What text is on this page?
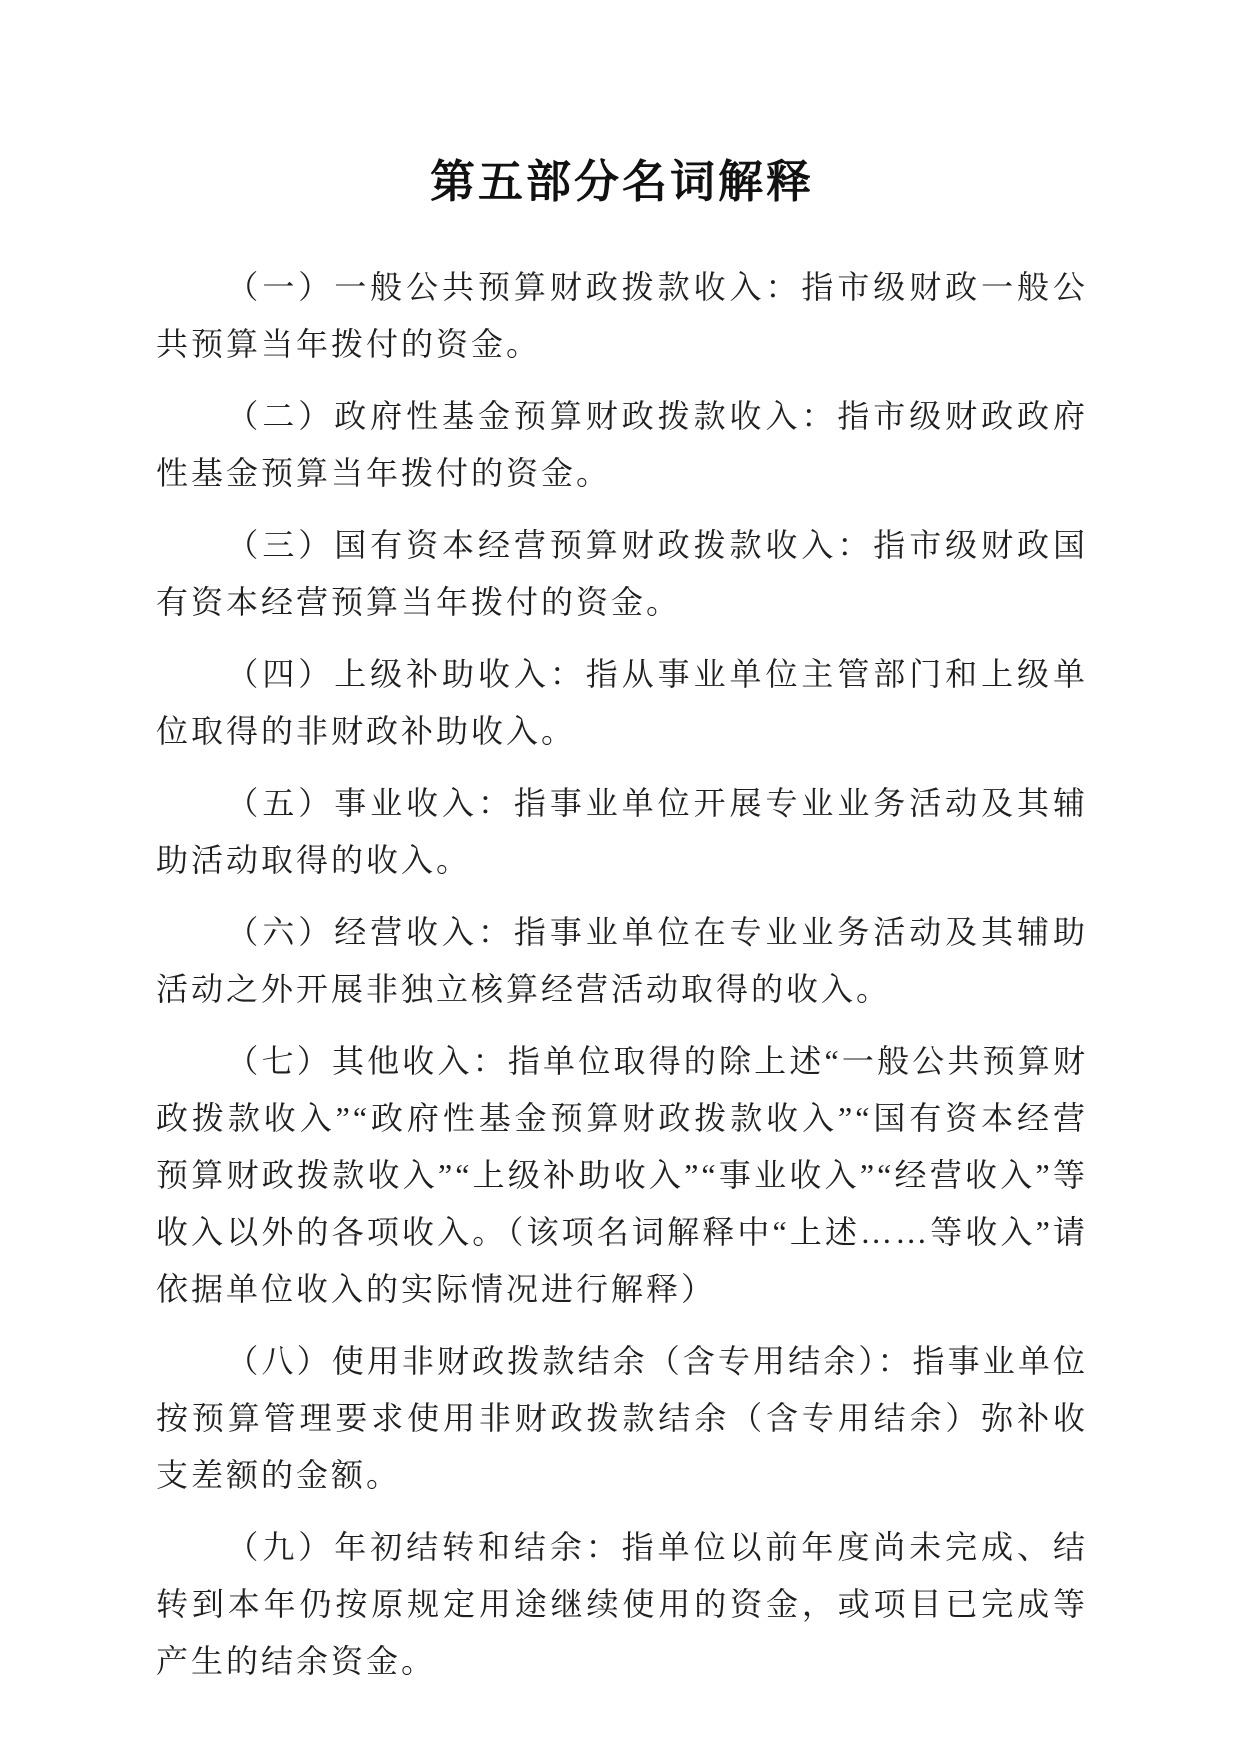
第五部分名词解释

（一）一般公共预算财政拨款收入：指市级财政一般公共预算当年拨付的资金。

（二）政府性基金预算财政拨款收入：指市级财政政府性基金预算当年拨付的资金。

（三）国有资本经营预算财政拨款收入：指市级财政国有资本经营预算当年拨付的资金。

（四）上级补助收入：指从事业单位主管部门和上级单位取得的非财政补助收入。

（五）事业收入：指事业单位开展专业业务活动及其辅助活动取得的收入。

（六）经营收入：指事业单位在专业业务活动及其辅助活动之外开展非独立核算经营活动取得的收入。

（七）其他收入：指单位取得的除上述“一般公共预算财政拨款收入”“政府性基金预算财政拨款收入”“国有资本经营预算财政拨款收入”“上级补助收入”“事业收入”“经营收入”等收入以外的各项收入。（该项名词解释中“上述……等收入”请依据单位收入的实际情况进行解释）

（八）使用非财政拨款结余（含专用结余）：指事业单位按预算管理要求使用非财政拨款结余（含专用结余）弥补收支差额的金额。

（九）年初结转和结余：指单位以前年度尚未完成、结转到本年仍按原规定用途继续使用的资金，或项目已完成等产生的结余资金。
